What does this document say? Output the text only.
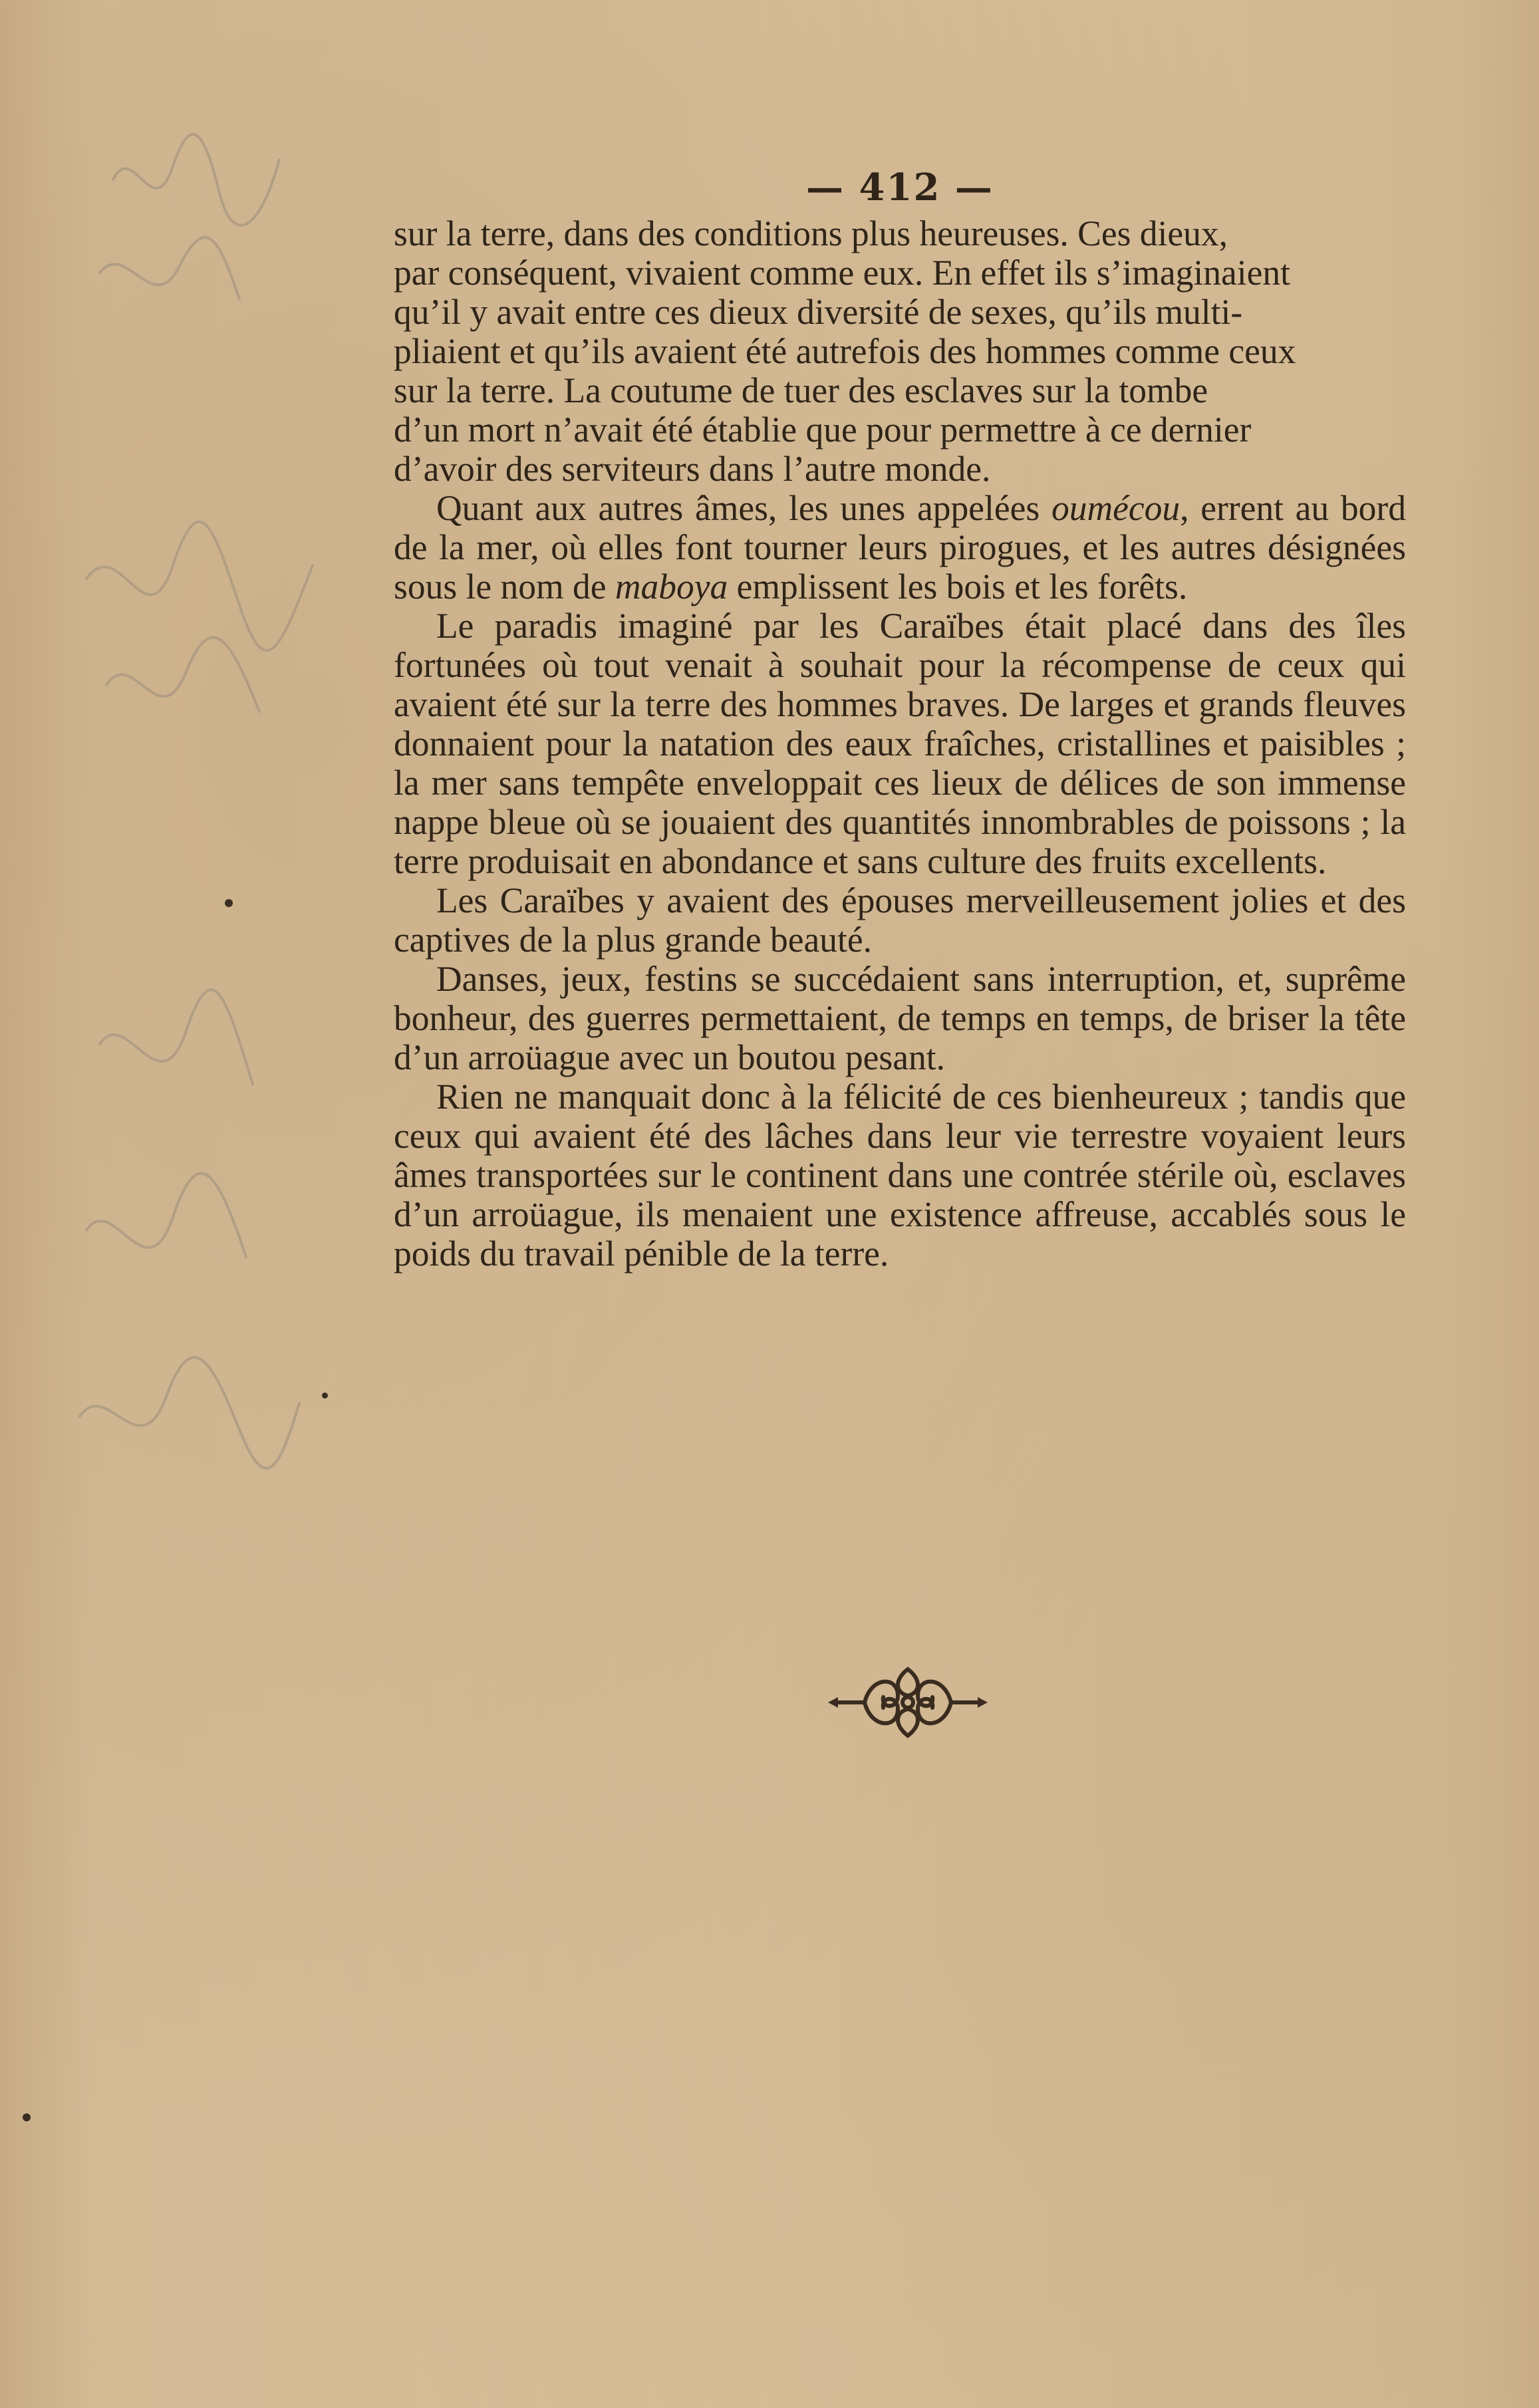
— 412 —

sur la terre, dans des conditions plus heureuses. Ces dieux,
par conséquent, vivaient comme eux. En effet ils s’imaginaient
qu’il y avait entre ces dieux diversité de sexes, qu’ils multi-
pliaient et qu’ils avaient été autrefois des hommes comme ceux
sur la terre. La coutume de tuer des esclaves sur la tombe
d’un mort n’avait été établie que pour permettre à ce dernier
d’avoir des serviteurs dans l’autre monde.

Quant aux autres âmes, les unes appelées ouméсou, errent au bord de la mer, où elles font tourner leurs pirogues, et les autres désignées sous le nom de maboya emplissent les bois et les forêts.

Le paradis imaginé par les Caraïbes était placé dans des îles fortunées où tout venait à souhait pour la récompense de ceux qui avaient été sur la terre des hommes braves. De larges et grands fleuves donnaient pour la natation des eaux fraîches, cristallines et paisibles ; la mer sans tempête enveloppait ces lieux de délices de son immense nappe bleue où se jouaient des quantités innombrables de poissons ; la terre produisait en abondance et sans culture des fruits excellents.

Les Caraïbes y avaient des épouses merveilleusement jolies et des captives de la plus grande beauté.

Danses, jeux, festins se succédaient sans interruption, et, suprême bonheur, des guerres permettaient, de temps en temps, de briser la tête d’un arroüague avec un boutou pesant.

Rien ne manquait donc à la félicité de ces bienheureux ; tandis que ceux qui avaient été des lâches dans leur vie terrestre voyaient leurs âmes transportées sur le continent dans une contrée stérile où, esclaves d’un arroüague, ils menaient une existence affreuse, accablés sous le poids du travail pénible de la terre.
